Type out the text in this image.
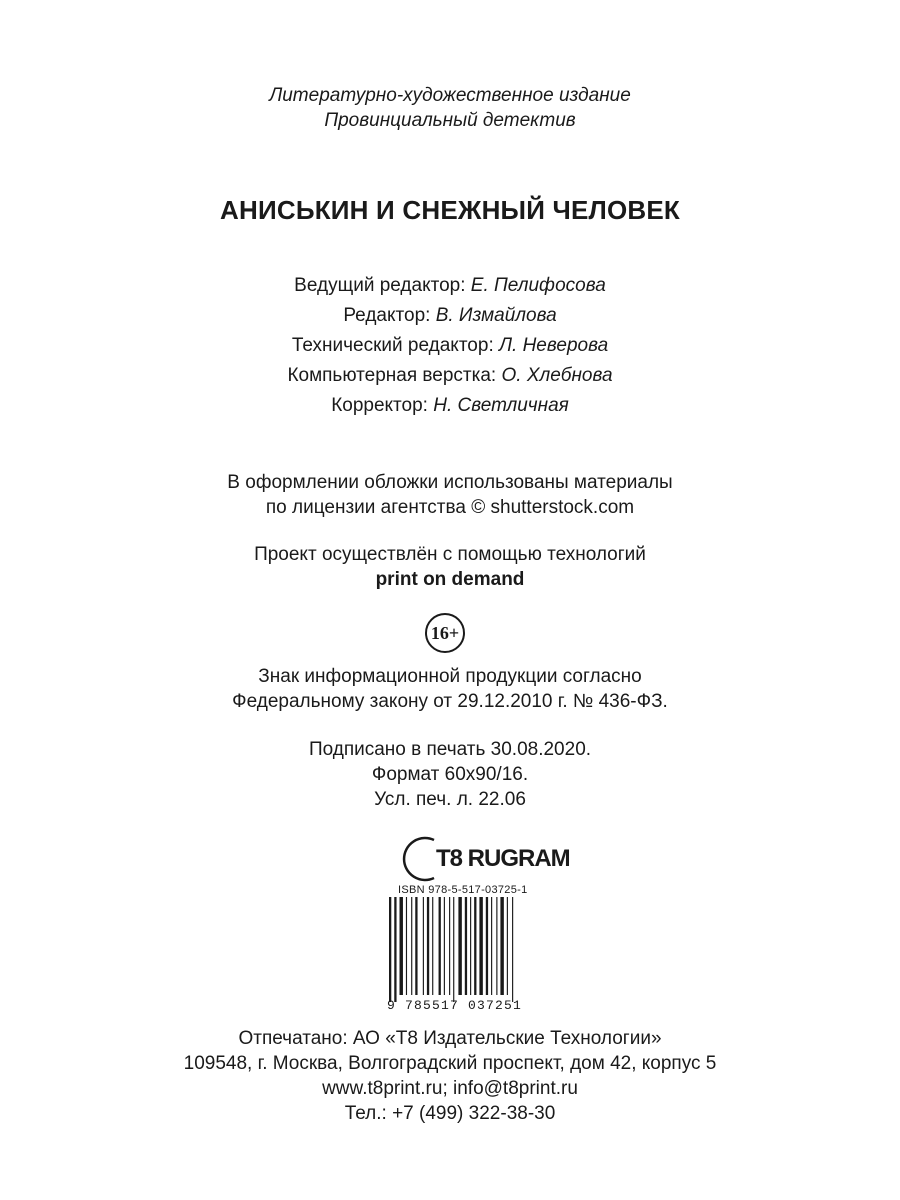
Литературно-художественное издание
Провинциальный детектив
АНИСЬКИН И СНЕЖНЫЙ ЧЕЛОВЕК
Ведущий редактор: Е. Пелифосова
Редактор: В. Измайлова
Технический редактор: Л. Неверова
Компьютерная верстка: О. Хлебнова
Корректор: Н. Светличная
В оформлении обложки использованы материалы
по лицензии агентства © shutterstock.com
Проект осуществлён с помощью технологий
print on demand
16+
Знак информационной продукции согласно
Федеральному закону от 29.12.2010 г. № 436-ФЗ.
Подписано в печать 30.08.2020.
Формат 60x90/16.
Усл. печ. л. 22.06
T8 RUGRAM
ISBN 978-5-517-03725-1
9 785517 037251
Отпечатано: АО «Т8 Издательские Технологии»
109548, г. Москва, Волгоградский проспект, дом 42, корпус 5
www.t8print.ru; info@t8print.ru
Тел.: +7 (499) 322-38-30
